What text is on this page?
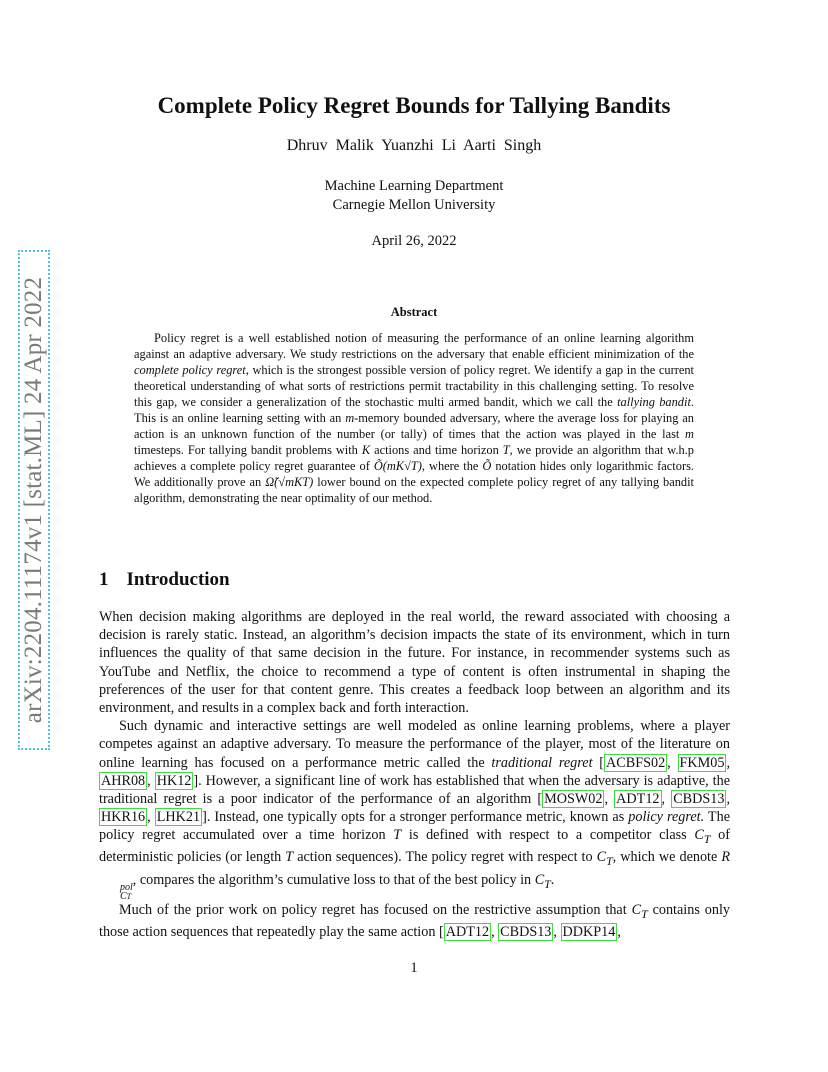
arXiv:2204.11174v1 [stat.ML] 24 Apr 2022
Complete Policy Regret Bounds for Tallying Bandits
Dhruv Malik Yuanzhi Li Aarti Singh
Machine Learning Department
Carnegie Mellon University
April 26, 2022
Abstract

Policy regret is a well established notion of measuring the performance of an online learning algorithm against an adaptive adversary. We study restrictions on the adversary that enable efficient minimization of the complete policy regret, which is the strongest possible version of policy regret. We identify a gap in the current theoretical understanding of what sorts of restrictions permit tractability in this challenging setting. To resolve this gap, we consider a generalization of the stochastic multi armed bandit, which we call the tallying bandit. This is an online learning setting with an m-memory bounded adversary, where the average loss for playing an action is an unknown function of the number (or tally) of times that the action was played in the last m timesteps. For tallying bandit problems with K actions and time horizon T, we provide an algorithm that w.h.p achieves a complete policy regret guarantee of Õ(mK√T), where the Õ notation hides only logarithmic factors. We additionally prove an Ω̃(√mKT) lower bound on the expected complete policy regret of any tallying bandit algorithm, demonstrating the near optimality of our method.

1 Introduction

When decision making algorithms are deployed in the real world, the reward associated with choosing a decision is rarely static. Instead, an algorithm’s decision impacts the state of its environment, which in turn influences the quality of that same decision in the future. For instance, in recommender systems such as YouTube and Netflix, the choice to recommend a type of content is often instrumental in shaping the preferences of the user for that content genre. This creates a feedback loop between an algorithm and its environment, and results in a complex back and forth interaction.

Such dynamic and interactive settings are well modeled as online learning problems, where a player competes against an adaptive adversary. To measure the performance of the player, most of the literature on online learning has focused on a performance metric called the traditional regret [ ACBFS02 , FKM05 , AHR08 , HK12 ]. However, a significant line of work has established that when the adversary is adaptive, the traditional regret is a poor indicator of the performance of an algorithm [ MOSW02 , ADT12 , CBDS13 , HKR16 , LHK21 ]. Instead, one typically opts for a stronger performance metric, known as policy regret. The policy regret accumulated over a time horizon T is defined with respect to a competitor class $C_T$ of deterministic policies (or length T action sequences). The policy regret with respect to $C_T$, which we denote R
pol
CT
, compares the algorithm’s cumulative loss to that of the best policy in $C_T$.

Much of the prior work on policy regret has focused on the restrictive assumption that $C_T$ contains only those action sequences that repeatedly play the same action [ ADT12 , CBDS13 , DDKP14 ,

1
